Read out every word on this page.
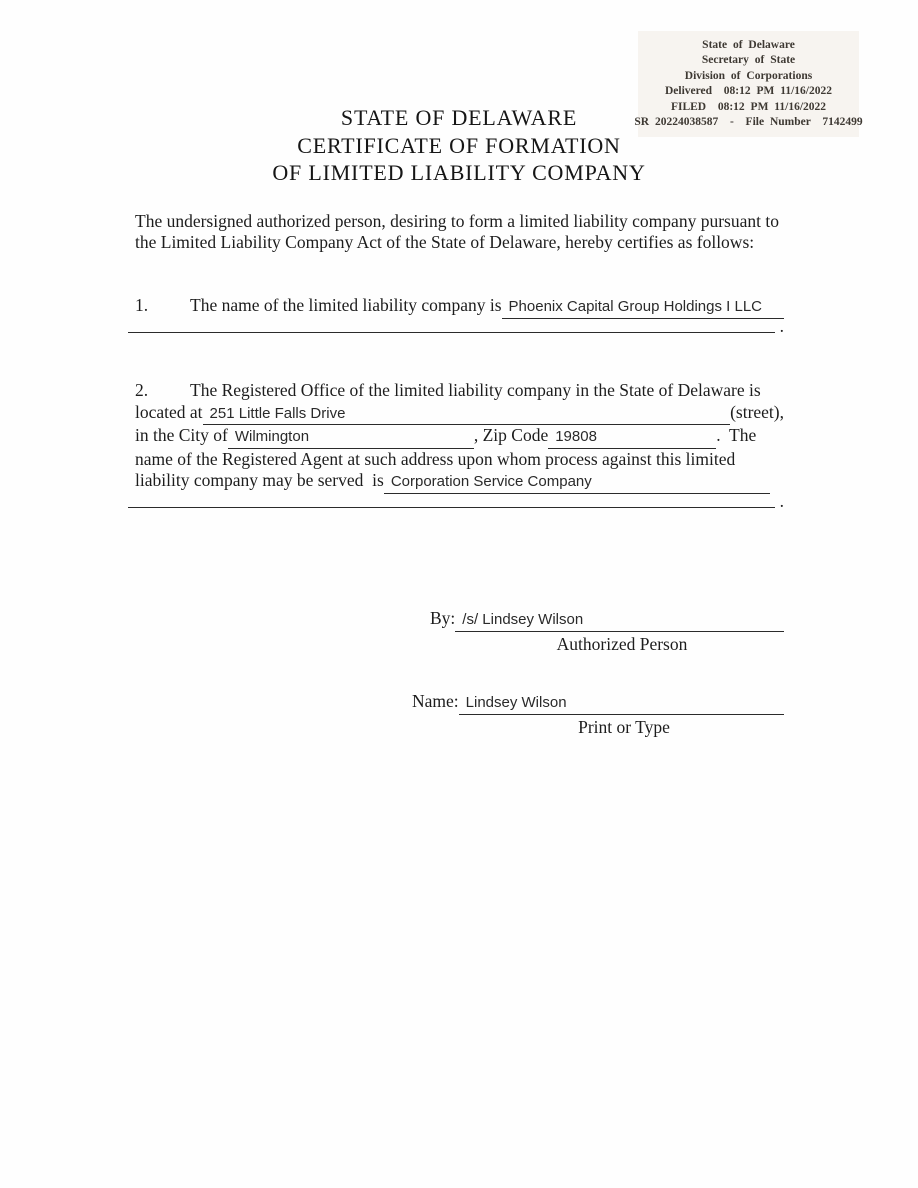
State of Delaware
Secretary of State
Division of Corporations
Delivered  08:12 PM 11/16/2022
FILED  08:12 PM 11/16/2022
SR 20224038587  -  File Number  7142499
STATE OF DELAWARE
CERTIFICATE OF FORMATION
OF LIMITED LIABILITY COMPANY

The undersigned authorized person, desiring to form a limited liability company pursuant to the Limited Liability Company Act of the State of Delaware, hereby certifies as follows:

1.	The name of the limited liability company is Phoenix Capital Group Holdings I LLC
.
2.	The Registered Office of the limited liability company in the State of Delaware is
located at 251 Little Falls Drive	(street),
in the City of Wilmington	, Zip Code 19808	.  The
name of the Registered Agent at such address upon whom process against this limited
liability company may be served  is Corporation Service Company
.
By: /s/ Lindsey Wilson
Authorized Person
Name: Lindsey Wilson
Print or Type
